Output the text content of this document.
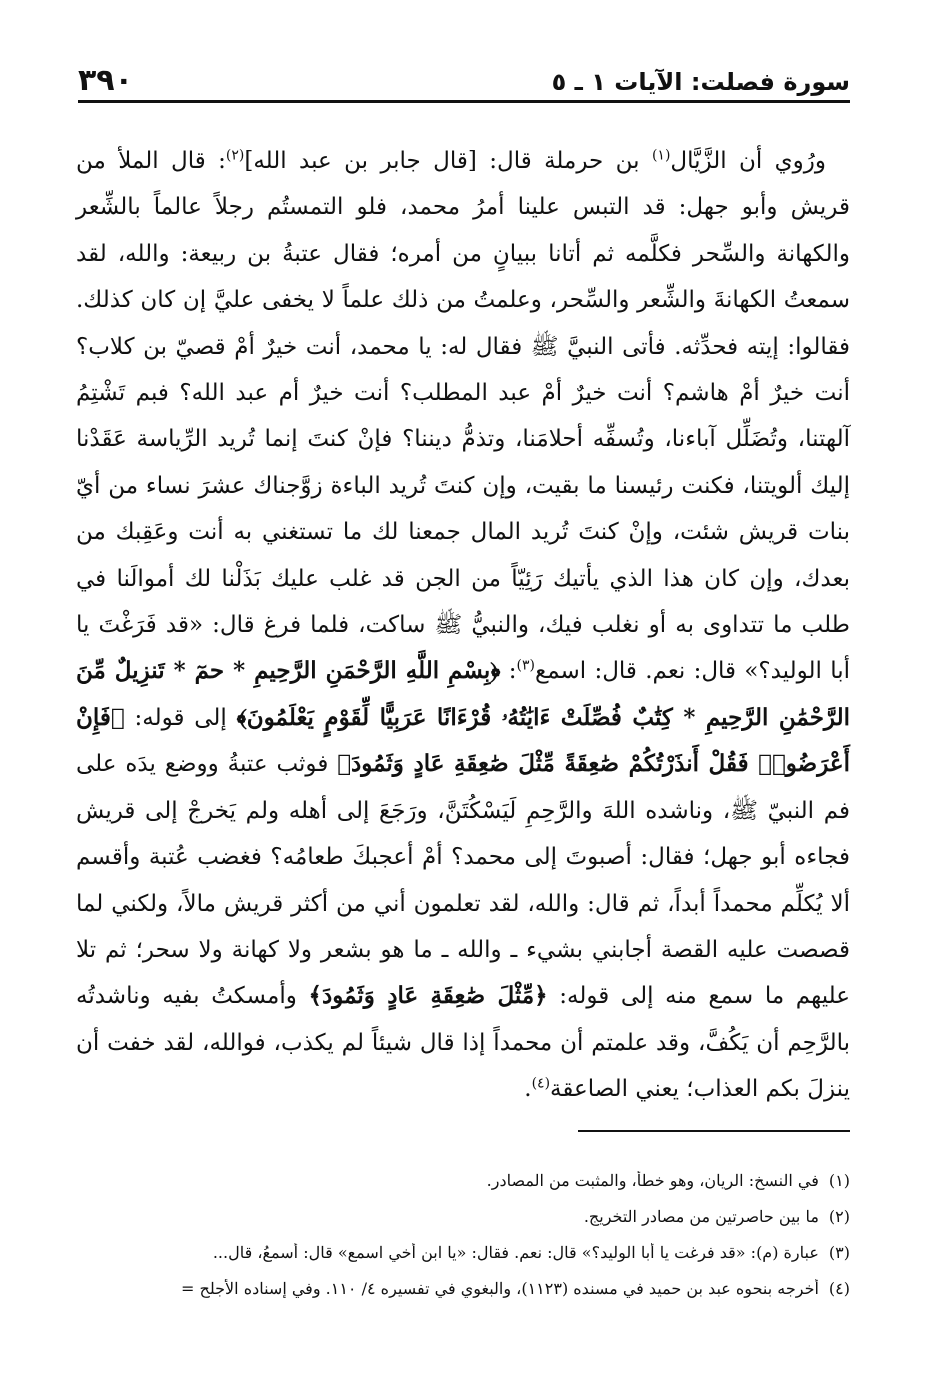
سورة فصلت: الآيات ١ ـ ٥
٣٩٠

ورُوي أن الزَّيَّال$^{(١)}$ بن حرملة قال: [قال جابر بن عبد الله]$^{(٢)}$: قال الملأ من قريش وأبو جهل: قد التبس علينا أمرُ محمد، فلو التمستُم رجلاً عالماً بالشِّعر والكهانة والسِّحر فكلَّمه ثم أتانا ببيانٍ من أمره؛ فقال عتبةُ بن ربيعة: والله، لقد سمعتُ الكهانةَ والشِّعر والسِّحر، وعلمتُ من ذلك علماً لا يخفى عليَّ إن كان كذلك. فقالوا: إيته فحدِّثه. فأتى النبيَّ ﷺ فقال له: يا محمد، أنت خيرٌ أمْ قصيّ بن كلاب؟ أنت خيرٌ أمْ هاشم؟ أنت خيرٌ أمْ عبد المطلب؟ أنت خيرٌ أم عبد الله؟ فبم تَشْتِمُ آلهتنا، وتُضَلِّل آباءنا، وتُسفِّه أحلامَنا، وتذمُّ ديننا؟ فإنْ كنتَ إنما تُريد الرِّياسة عَقَدْنا إليك ألويتنا، فكنت رئيسنا ما بقيت، وإن كنتَ تُريد الباءة زوَّجناك عشرَ نساء من أيّ بنات قريش شئت، وإنْ كنتَ تُريد المال جمعنا لك ما تستغني به أنت وعَقِبك من بعدك، وإن كان هذا الذي يأتيك رَئِيّاً من الجن قد غلب عليك بَذَلْنا لك أموالَنا في طلب ما تتداوى به أو نغلب فيك، والنبيُّ ﷺ ساكت، فلما فرغ قال: «قد فَرَغْتَ يا أبا الوليد؟» قال: نعم. قال: اسمع$^{(٣)}$: ﴿بِسْمِ اللَّهِ الرَّحْمَنِ الرَّحِيمِ * حمٓ * تَنزِيلٌ مِّنَ الرَّحْمَٰنِ الرَّحِيمِ * كِتَٰبٌ فُصِّلَتْ ءَايَٰتُهُۥ قُرْءَانًا عَرَبِيًّا لِّقَوْمٍ يَعْلَمُونَ﴾ إلى قوله: ﴿فَإِنْ أَعْرَضُوا۟ فَقُلْ أَنذَرْتُكُمْ صَٰعِقَةً مِّثْلَ صَٰعِقَةِ عَادٍ وَثَمُودَ﴾ فوثب عتبةُ ووضع يدَه على فم النبيّ ﷺ، وناشده اللهَ والرَّحِمِ لَيَسْكُتَنَّ، ورَجَعَ إلى أهله ولم يَخرجْ إلى قريش فجاءه أبو جهل؛ فقال: أصبوتَ إلى محمد؟ أمْ أعجبكَ طعامُه؟ فغضب عُتبة وأقسم ألا يُكلِّم محمداً أبداً، ثم قال: والله، لقد تعلمون أني من أكثر قريش مالاً، ولكني لما قصصت عليه القصة أجابني بشيء ـ والله ـ ما هو بشعر ولا كهانة ولا سحر؛ ثم تلا عليهم ما سمع منه إلى قوله: ﴿مِّثْلَ صَٰعِقَةِ عَادٍ وَثَمُودَ﴾ وأمسكتُ بفيه وناشدتُه بالرَّحِم أن يَكُفَّ، وقد علمتم أن محمداً إذا قال شيئاً لم يكذب، فوالله، لقد خفت أن ينزلَ بكم العذاب؛ يعني الصاعقة$^{(٤)}$.

(١)
في النسخ: الريان، وهو خطأ، والمثبت من المصادر.
(٢)
ما بين حاصرتين من مصادر التخريج.
(٣)
عبارة (م): «قد فرغت يا أبا الوليد؟» قال: نعم. فقال: «يا ابن أخي اسمع» قال: أسمعُ، قال...
(٤)
أخرجه بنحوه عبد بن حميد في مسنده (١١٢٣)، والبغوي في تفسيره ٤/ ١١٠. وفي إسناده الأجلح =
